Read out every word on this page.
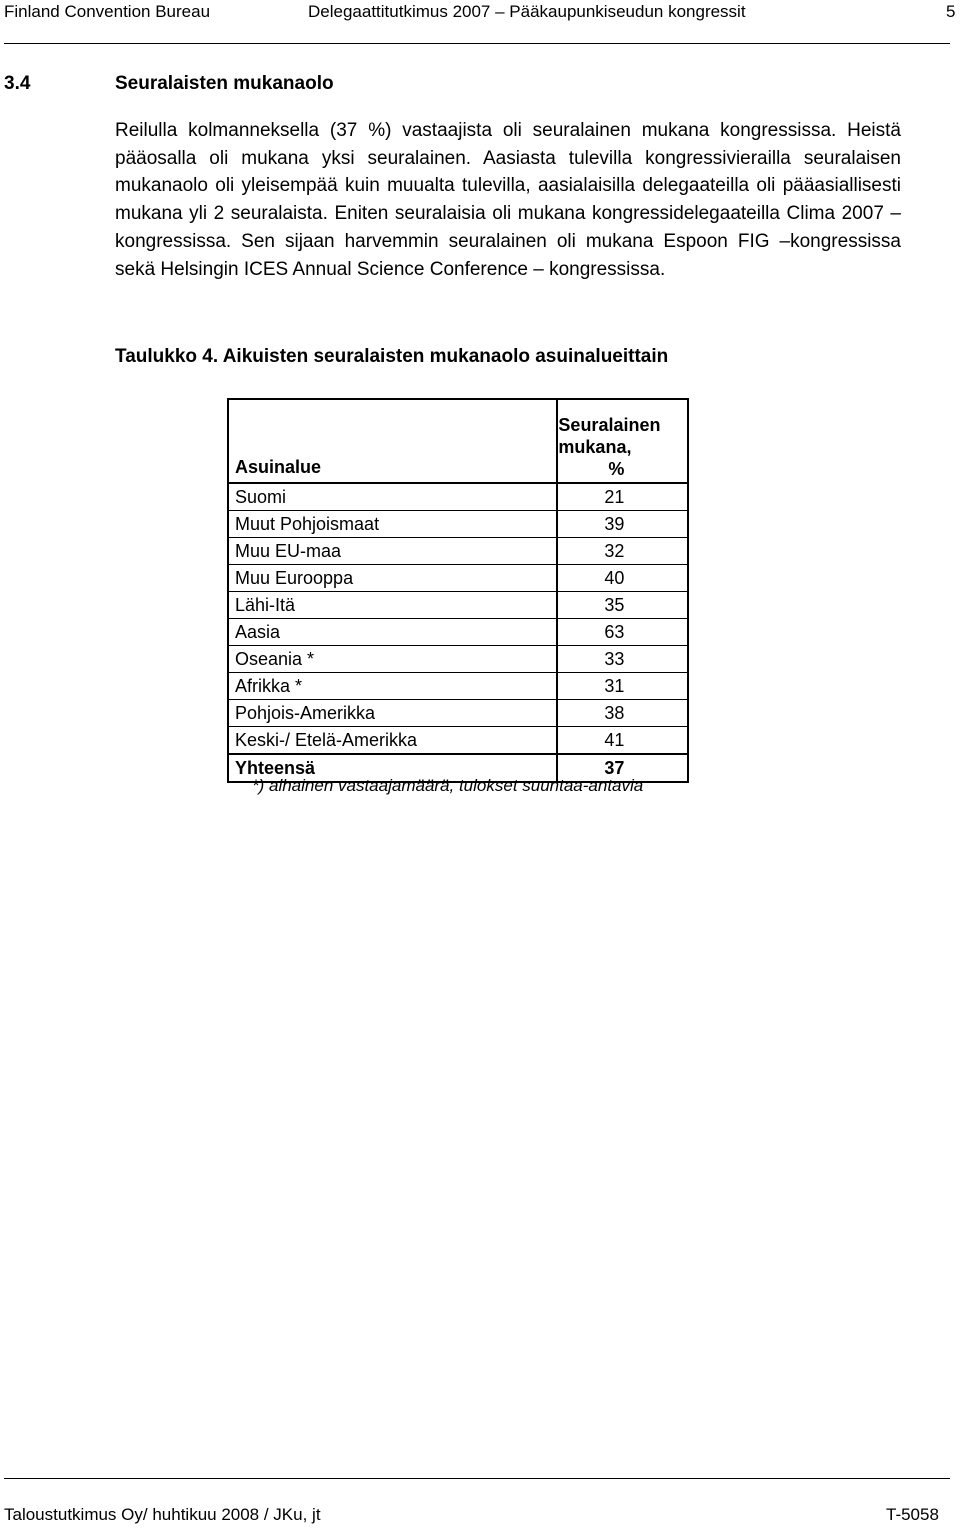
Finland Convention Bureau	Delegaattitutkimus 2007 – Pääkaupunkiseudun kongressit	5
3.4	Seuralaisten mukanaolo
Reilulla kolmanneksella (37 %) vastaajista oli seuralainen mukana kongressissa. Heistä pääosalla oli mukana yksi seuralainen. Aasiasta tulevilla kongressivierailla seuralaisen mukanaolo oli yleisempää kuin muualta tulevilla, aasialaisilla delegaateilla oli pääasiallisesti mukana yli 2 seuralaista. Eniten seuralaisia oli mukana kongressidelegaateilla Clima 2007 –kongressissa. Sen sijaan harvemmin seuralainen oli mukana Espoon FIG –kongressissa sekä Helsingin ICES Annual Science Conference – kongressissa.
Taulukko 4. Aikuisten seuralaisten mukanaolo asuinalueittain
Asuinalue	Seuralainen
mukana, %
Suomi	21
Muut Pohjoismaat	39
Muu EU-maa	32
Muu Eurooppa	40
Lähi-Itä	35
Aasia	63
Oseania *	33
Afrikka *	31
Pohjois-Amerikka	38
Keski-/ Etelä-Amerikka	41
Yhteensä	37
*) alhainen vastaajamäärä, tulokset suuntaa-antavia
Taloustutkimus Oy/ huhtikuu 2008 / JKu, jt	T-5058
